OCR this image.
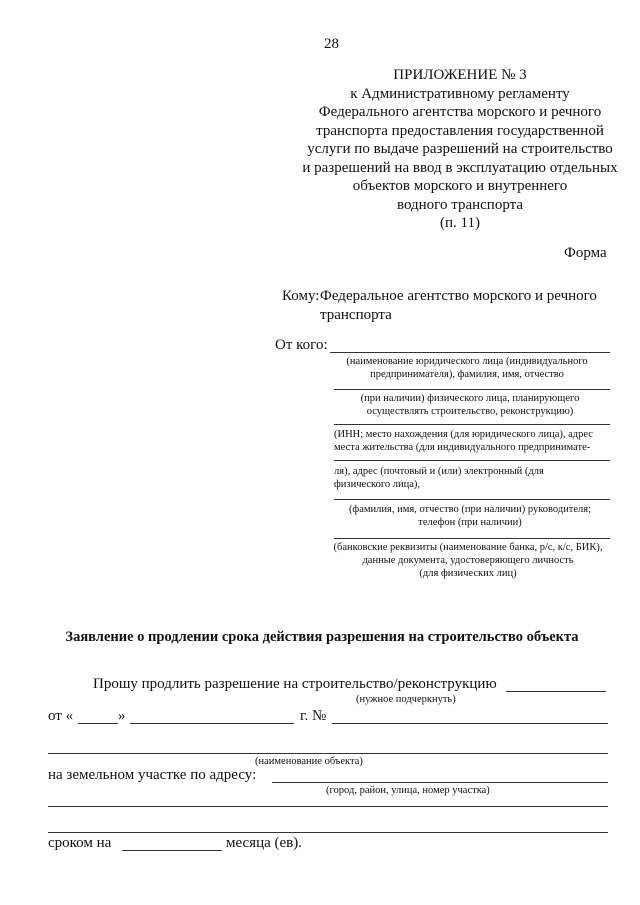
28
ПРИЛОЖЕНИЕ № 3
к Административному регламенту
Федерального агентства морского и речного
транспорта предоставления государственной
услуги по выдаче разрешений на строительство
и разрешений на ввод в эксплуатацию отдельных
объектов морского и внутреннего
водного транспорта
(п. 11)
Форма
Кому: Федеральное агентство морского и речного
транспорта
От кого:
(наименование юридического лица (индивидуального
предпринимателя), фамилия, имя, отчество
(при наличии) физического лица, планирующего
осуществлять строительство, реконструкцию)
(ИНН; место нахождения (для юридического лица), адрес
места жительства (для индивидуального предпринимате-
ля), адрес (почтовый и (или) электронный (для
физического лица),
(фамилия, имя, отчество (при наличии) руководителя;
телефон (при наличии)
(банковские реквизиты (наименование банка, р/с, к/с, БИК),
данные документа, удостоверяющего личность
(для физических лиц)
Заявление о продлении срока действия разрешения на строительство объекта
Прошу продлить разрешение на строительство/реконструкцию
(нужное подчеркнуть)
от «	»	г. №
(наименование объекта)
на земельном участке по адресу:
(город, район, улица, номер участка)
сроком на	месяца (ев).
